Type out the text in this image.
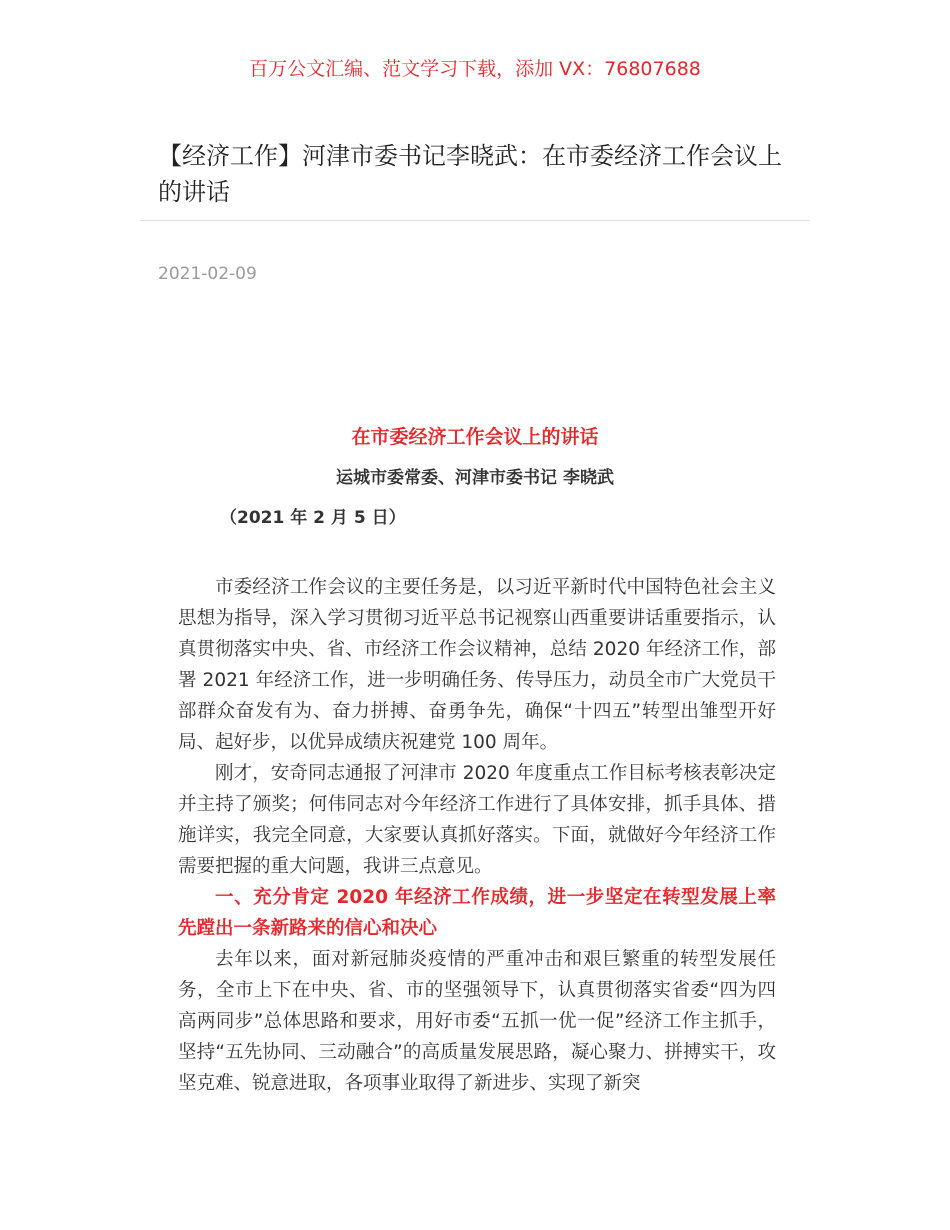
百万公文汇编、范文学习下载，添加 VX：76807688
【经济工作】河津市委书记李晓武：在市委经济工作会议上的讲话
2021-02-09
在市委经济工作会议上的讲话
运城市委常委、河津市委书记 李晓武
（2021 年 2 月 5 日）

市委经济工作会议的主要任务是，以习近平新时代中国特色社会主义思想为指导，深入学习贯彻习近平总书记视察山西重要讲话重要指示，认真贯彻落实中央、省、市经济工作会议精神，总结 2020 年经济工作，部署 2021 年经济工作，进一步明确任务、传导压力，动员全市广大党员干部群众奋发有为、奋力拼搏、奋勇争先，确保“十四五”转型出雏型开好局、起好步，以优异成绩庆祝建党 100 周年。

刚才，安奇同志通报了河津市 2020 年度重点工作目标考核表彰决定并主持了颁奖；何伟同志对今年经济工作进行了具体安排，抓手具体、措施详实，我完全同意，大家要认真抓好落实。下面，就做好今年经济工作需要把握的重大问题，我讲三点意见。

一、充分肯定 2020 年经济工作成绩，进一步坚定在转型发展上率先蹚出一条新路来的信心和决心

去年以来，面对新冠肺炎疫情的严重冲击和艰巨繁重的转型发展任务，全市上下在中央、省、市的坚强领导下，认真贯彻落实省委“四为四高两同步”总体思路和要求，用好市委“五抓一优一促”经济工作主抓手，坚持“五先协同、三动融合”的高质量发展思路，凝心聚力、拼搏实干，攻坚克难、锐意进取，各项事业取得了新进步、实现了新突
